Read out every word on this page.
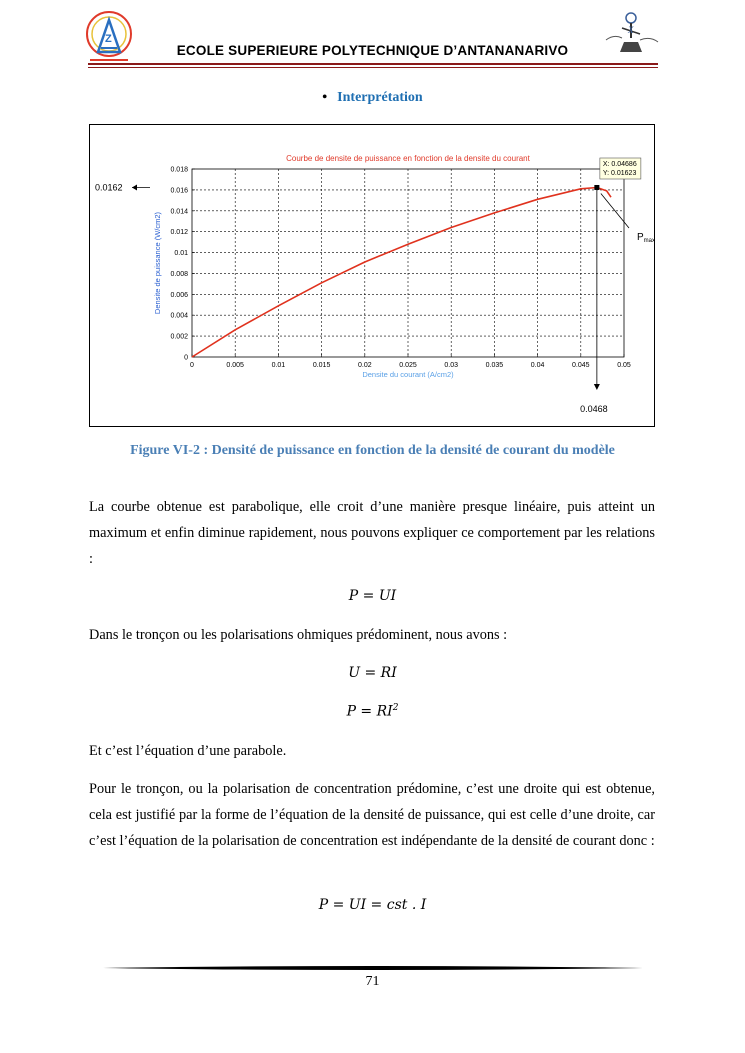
Z
X
ECOLE SUPERIEURE POLYTECHNIQUE D’ANTANANARIVO
• Interprétation
0	0.005	0.01	0.015	0.02	0.025	0.03	0.035	0.04	0.045	0.05
0
0.002
0.004
0.006
0.008
0.01
0.012
0.014
0.016
0.018
Courbe de densite de puissance en fonction de la densite du courant
Densite du courant (A/cm2)
Densite de puissance (W/cm2)
X: 0.04686
Y: 0.01623
0.0162
0.0468
$P_{max}$
Figure VI-2 : Densité de puissance en fonction de la densité de courant du modèle
La courbe obtenue est parabolique, elle croit d’une manière presque linéaire, puis atteint un maximum et enfin diminue rapidement, nous pouvons expliquer ce comportement par les relations :
P = UI
Dans le tronçon ou les polarisations ohmiques prédominent, nous avons :
U = RI
$P = RI^2$
Et c’est l’équation d’une parabole.
Pour le tronçon, ou la polarisation de concentration prédomine, c’est une droite qui est obtenue, cela est justifié par la forme de l’équation de la densité de puissance, qui est celle d’une droite, car c’est l’équation de la polarisation de concentration est indépendante de la densité de courant donc :
P = UI = cst . I
71
